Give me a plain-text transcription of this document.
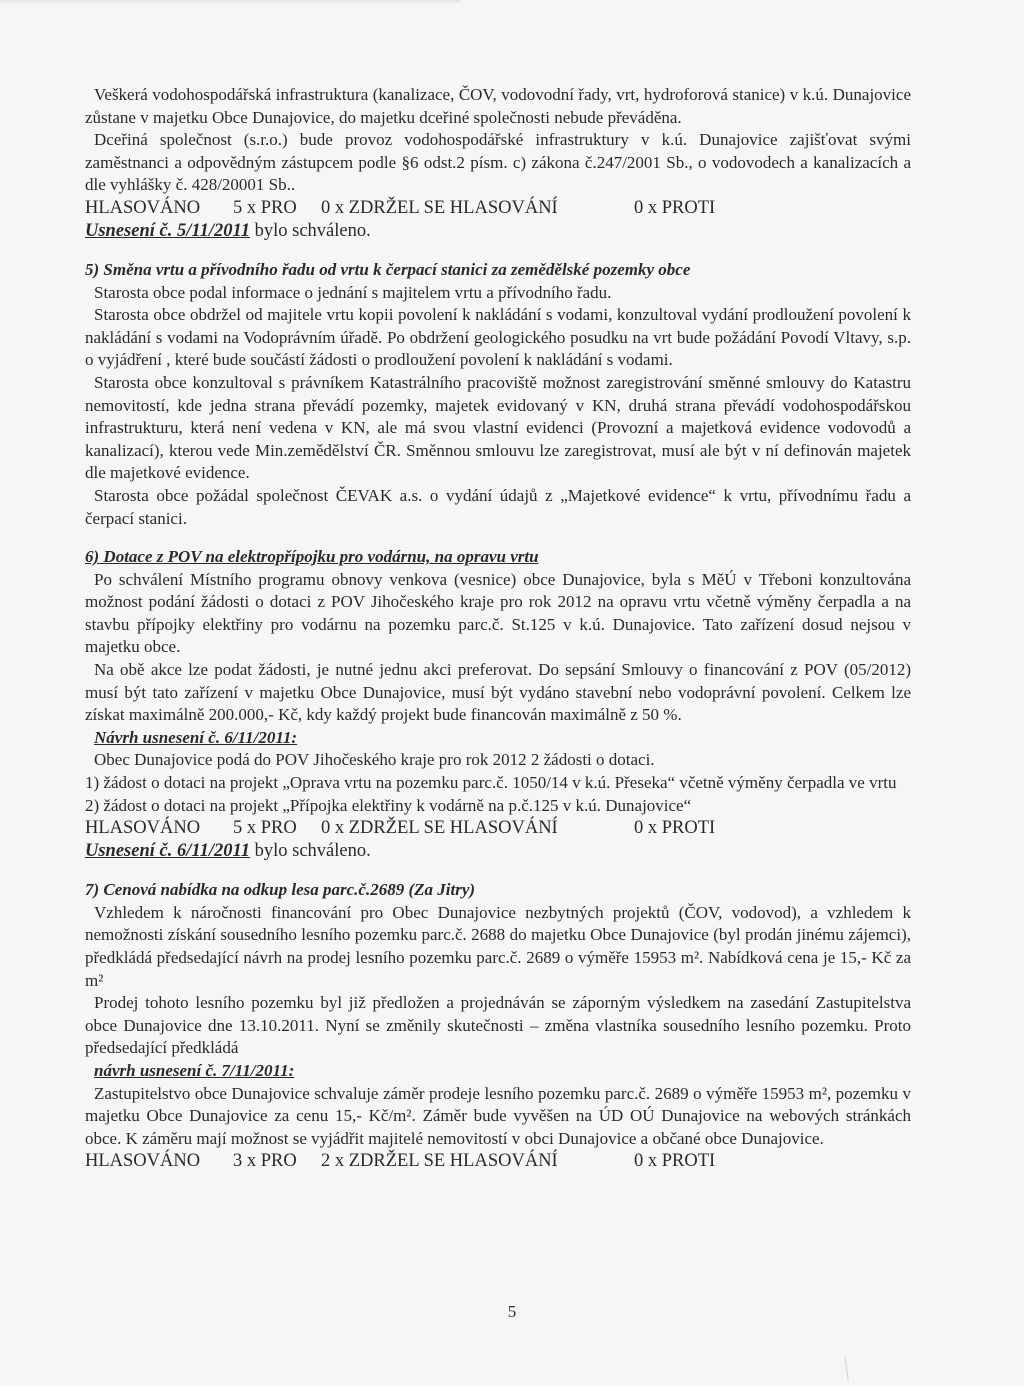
Veškerá vodohospodářská infrastruktura (kanalizace, ČOV, vodovodní řady, vrt, hydroforová stanice) v k.ú. Dunajovice zůstane v majetku Obce Dunajovice, do majetku dceřiné společnosti nebude převáděna.

Dceřiná společnost (s.r.o.) bude provoz vodohospodářské infrastruktury v k.ú. Dunajovice zajišťovat svými zaměstnanci a odpovědným zástupcem podle §6 odst.2 písm. c) zákona č.247/2001 Sb., o vodovodech a kanalizacích a dle vyhlášky č. 428/20001 Sb..

HLASOVÁNO 5 x PRO 0 x ZDRŽEL SE HLASOVÁNÍ	0 x PROTI

Usnesení č. 5/11/2011 bylo schváleno.

5) Směna vrtu a přívodního řadu od vrtu k čerpací stanici za zemědělské pozemky obce

Starosta obce podal informace o jednání s majitelem vrtu a přívodního řadu.

Starosta obce obdržel od majitele vrtu kopii povolení k nakládání s vodami, konzultoval vydání prodloužení povolení k nakládání s vodami na Vodoprávním úřadě. Po obdržení geologického posudku na vrt bude požádání Povodí Vltavy, s.p. o vyjádření , které bude součástí žádosti o prodloužení povolení k nakládání s vodami.

Starosta obce konzultoval s právníkem Katastrálního pracoviště možnost zaregistrování směnné smlouvy do Katastru nemovitostí, kde jedna strana převádí pozemky, majetek evidovaný v KN, druhá strana převádí vodohospodářskou infrastrukturu, která není vedena v KN, ale má svou vlastní evidenci (Provozní a majetková evidence vodovodů a kanalizací), kterou vede Min.zemědělství ČR. Směnnou smlouvu lze zaregistrovat, musí ale být v ní definován majetek dle majetkové evidence.

Starosta obce požádal společnost ČEVAK a.s. o vydání údajů z „Majetkové evidence“ k vrtu, přívodnímu řadu a čerpací stanici.

6) Dotace z POV na elektropřípojku pro vodárnu, na opravu vrtu

Po schválení Místního programu obnovy venkova (vesnice) obce Dunajovice, byla s MěÚ v Třeboni konzultována možnost podání žádosti o dotaci z POV Jihočeského kraje pro rok 2012 na opravu vrtu včetně výměny čerpadla a na stavbu přípojky elektřiny pro vodárnu na pozemku parc.č. St.125 v k.ú. Dunajovice. Tato zařízení dosud nejsou v majetku obce.

Na obě akce lze podat žádosti, je nutné jednu akci preferovat. Do sepsání Smlouvy o financování z POV (05/2012) musí být tato zařízení v majetku Obce Dunajovice, musí být vydáno stavební nebo vodoprávní povolení. Celkem lze získat maximálně 200.000,- Kč, kdy každý projekt bude financován maximálně z 50 %.

Návrh usnesení č. 6/11/2011:

Obec Dunajovice podá do POV Jihočeského kraje pro rok 2012 2 žádosti o dotaci.

1) žádost o dotaci na projekt „Oprava vrtu na pozemku parc.č. 1050/14 v k.ú. Přeseka“ včetně výměny čerpadla ve vrtu

2) žádost o dotaci na projekt „Přípojka elektřiny k vodárně na p.č.125 v k.ú. Dunajovice“

HLASOVÁNO 5 x PRO 0 x ZDRŽEL SE HLASOVÁNÍ	0 x PROTI

Usnesení č. 6/11/2011 bylo schváleno.

7) Cenová nabídka na odkup lesa parc.č.2689 (Za Jitry)

Vzhledem k náročnosti financování pro Obec Dunajovice nezbytných projektů (ČOV, vodovod), a vzhledem k nemožnosti získání sousedního lesního pozemku parc.č. 2688 do majetku Obce Dunajovice (byl prodán jinému zájemci), předkládá předsedající návrh na prodej lesního pozemku parc.č. 2689 o výměře 15953 m². Nabídková cena je 15,- Kč za m²

Prodej tohoto lesního pozemku byl již předložen a projednáván se záporným výsledkem na zasedání Zastupitelstva obce Dunajovice dne 13.10.2011. Nyní se změnily skutečnosti – změna vlastníka sousedního lesního pozemku. Proto předsedající předkládá

návrh usnesení č. 7/11/2011:

Zastupitelstvo obce Dunajovice schvaluje záměr prodeje lesního pozemku parc.č. 2689 o výměře 15953 m², pozemku v majetku Obce Dunajovice za cenu 15,- Kč/m². Záměr bude vyvěšen na ÚD OÚ Dunajovice na webových stránkách obce. K záměru mají možnost se vyjádřit majitelé nemovitostí v obci Dunajovice a občané obce Dunajovice.

HLASOVÁNO 3 x PRO 2 x ZDRŽEL SE HLASOVÁNÍ	0 x PROTI

5
